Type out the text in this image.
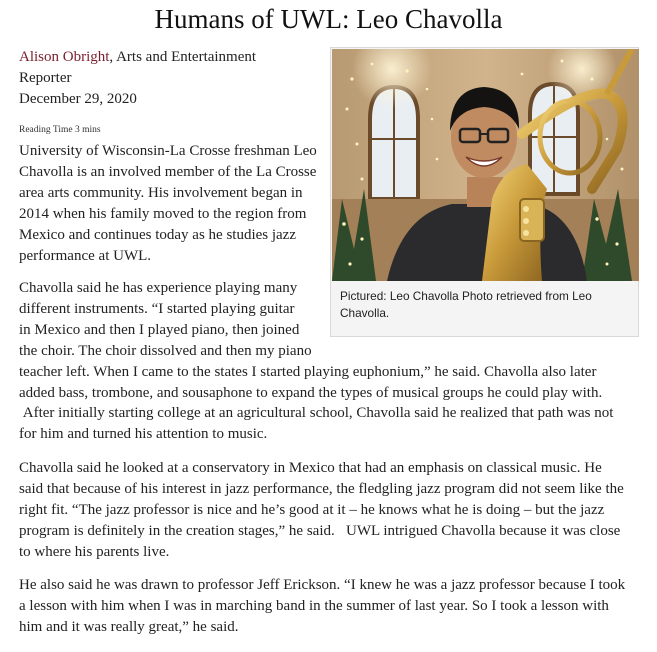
Humans of UWL: Leo Chavolla
Alison Obright, Arts and Entertainment
Reporter
December 29, 2020
Reading Time 3 mins
Pictured: Leo Chavolla Photo retrieved from Leo Chavolla.

University of Wisconsin-La Crosse freshman Leo
Chavolla is an involved member of the La Crosse
area arts community. His involvement began in
2014 when his family moved to the region from
Mexico and continues today as he studies jazz
performance at UWL.

Chavolla said he has experience playing many
different instruments. “I started playing guitar
in Mexico and then I played piano, then joined
the choir. The choir dissolved and then my piano
teacher left. When I came to the states I started playing euphonium,” he said. Chavolla also later
added bass, trombone, and sousaphone to expand the types of musical groups he could play with.
After initially starting college at an agricultural school, Chavolla said he realized that path was not
for him and turned his attention to music.

Chavolla said he looked at a conservatory in Mexico that had an emphasis on classical music. He
said that because of his interest in jazz performance, the fledgling jazz program did not seem like the
right fit. “The jazz professor is nice and he’s good at it – he knows what he is doing – but the jazz
program is definitely in the creation stages,” he said.   UWL intrigued Chavolla because it was close
to where his parents live.

He also said he was drawn to professor Jeff Erickson. “I knew he was a jazz professor because I took
a lesson with him when I was in marching band in the summer of last year. So I took a lesson with
him and it was really great,” he said.
